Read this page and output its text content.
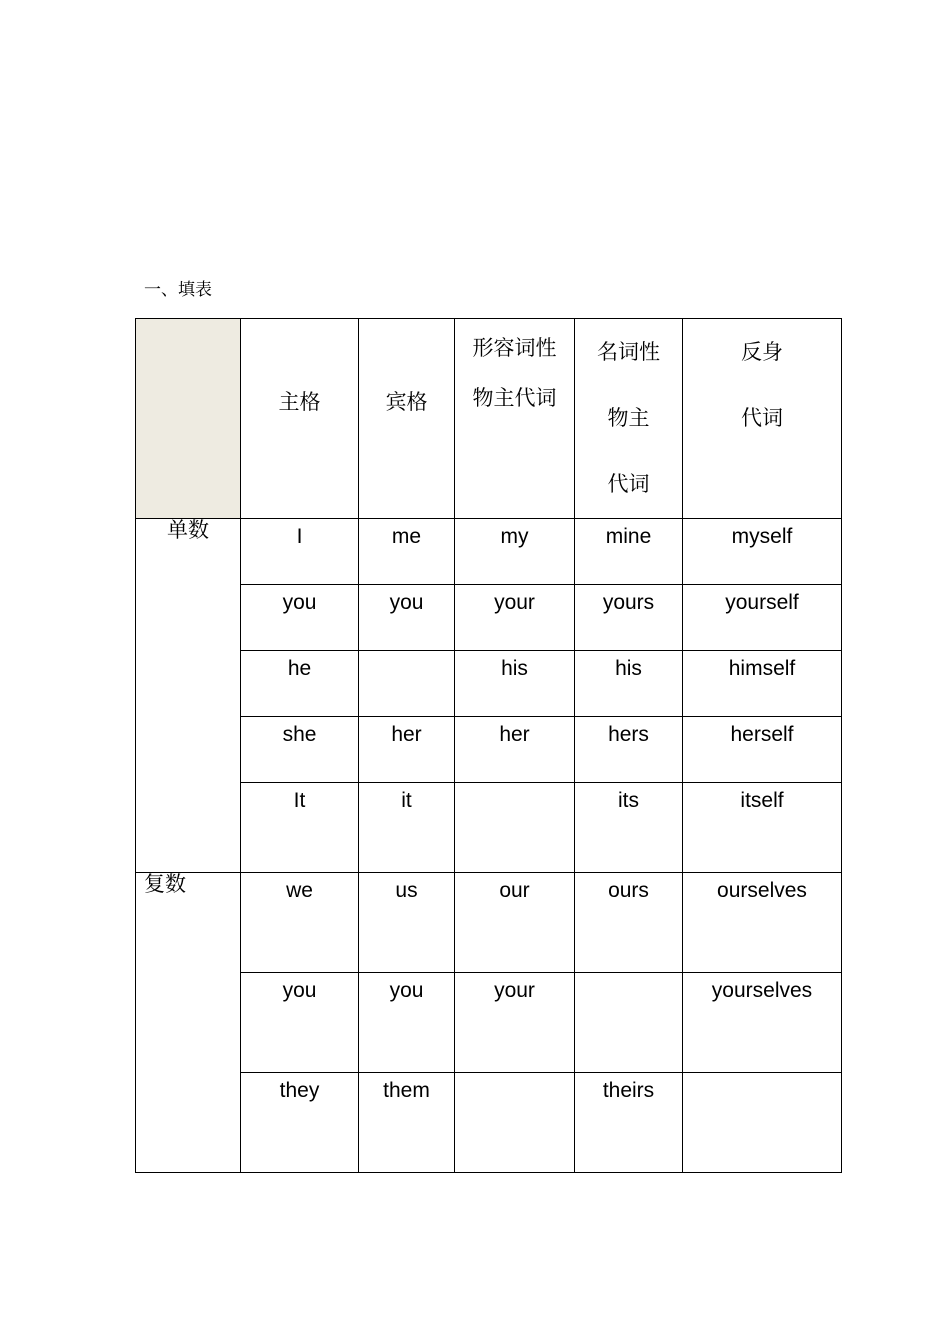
一、填表

	主格	宾格	形容词性
物主代词	名词性
物主
代词	反身
代词

单数	I	me	my	mine	myself

	you	you	your	yours	yourself

	he		his	his	himself

	she	her	her	hers	herself

	It	it		its	itself

复数	we	us	our	ours	ourselves

	you	you	your		yourselves

	they	them		theirs	
